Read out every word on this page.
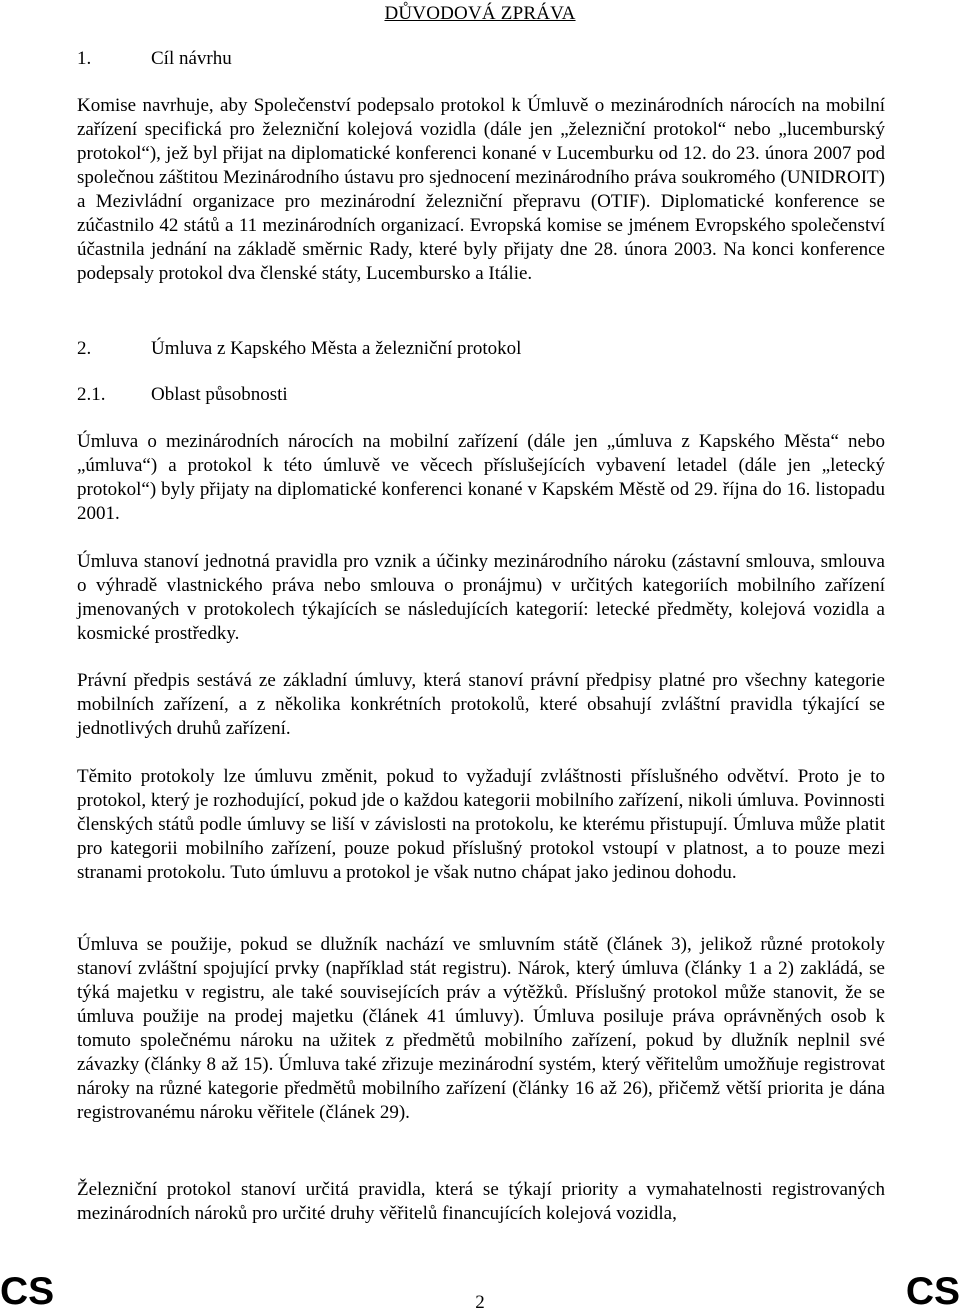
DŮVODOVÁ ZPRÁVA
1.	Cíl návrhu

Komise navrhuje, aby Společenství podepsalo protokol k Úmluvě o mezinárodních nárocích na mobilní zařízení specifická pro železniční kolejová vozidla (dále jen „železniční protokol“ nebo „lucemburský protokol“), jež byl přijat na diplomatické konferenci konané v Lucemburku od 12. do 23. února 2007 pod společnou záštitou Mezinárodního ústavu pro sjednocení mezinárodního práva soukromého (UNIDROIT) a Mezivládní organizace pro mezinárodní železniční přepravu (OTIF). Diplomatické konference se zúčastnilo 42 států a 11 mezinárodních organizací. Evropská komise se jménem Evropského společenství účastnila jednání na základě směrnic Rady, které byly přijaty dne 28. února 2003. Na konci konference podepsaly protokol dva členské státy, Lucembursko a Itálie.

2.	Úmluva z Kapského Města a železniční protokol
2.1. Oblast působnosti

Úmluva o mezinárodních nárocích na mobilní zařízení (dále jen „úmluva z Kapského Města“ nebo „úmluva“) a protokol k této úmluvě ve věcech příslušejících vybavení letadel (dále jen „letecký protokol“) byly přijaty na diplomatické konferenci konané v Kapském Městě od 29. října do 16. listopadu 2001.

Úmluva stanoví jednotná pravidla pro vznik a účinky mezinárodního nároku (zástavní smlouva, smlouva o výhradě vlastnického práva nebo smlouva o pronájmu) v určitých kategoriích mobilního zařízení jmenovaných v protokolech týkajících se následujících kategorií: letecké předměty, kolejová vozidla a kosmické prostředky.

Právní předpis sestává ze základní úmluvy, která stanoví právní předpisy platné pro všechny kategorie mobilních zařízení, a z několika konkrétních protokolů, které obsahují zvláštní pravidla týkající se jednotlivých druhů zařízení.

Těmito protokoly lze úmluvu změnit, pokud to vyžadují zvláštnosti příslušného odvětví. Proto je to protokol, který je rozhodující, pokud jde o každou kategorii mobilního zařízení, nikoli úmluva. Povinnosti členských států podle úmluvy se liší v závislosti na protokolu, ke kterému přistupují. Úmluva může platit pro kategorii mobilního zařízení, pouze pokud příslušný protokol vstoupí v platnost, a to pouze mezi stranami protokolu. Tuto úmluvu a protokol je však nutno chápat jako jedinou dohodu.

Úmluva se použije, pokud se dlužník nachází ve smluvním státě (článek 3), jelikož různé protokoly stanoví zvláštní spojující prvky (například stát registru). Nárok, který úmluva (články 1 a 2) zakládá, se týká majetku v registru, ale také souvisejících práv a výtěžků. Příslušný protokol může stanovit, že se úmluva použije na prodej majetku (článek 41 úmluvy). Úmluva posiluje práva oprávněných osob k tomuto společnému nároku na užitek z předmětů mobilního zařízení, pokud by dlužník neplnil své závazky (články 8 až 15). Úmluva také zřizuje mezinárodní systém, který věřitelům umožňuje registrovat nároky na různé kategorie předmětů mobilního zařízení (články 16 až 26), přičemž větší priorita je dána registrovanému nároku věřitele (článek 29).

Železniční protokol stanoví určitá pravidla, která se týkají priority a vymahatelnosti registrovaných mezinárodních nároků pro určité druhy věřitelů financujících kolejová vozidla,

CS	2	CS
